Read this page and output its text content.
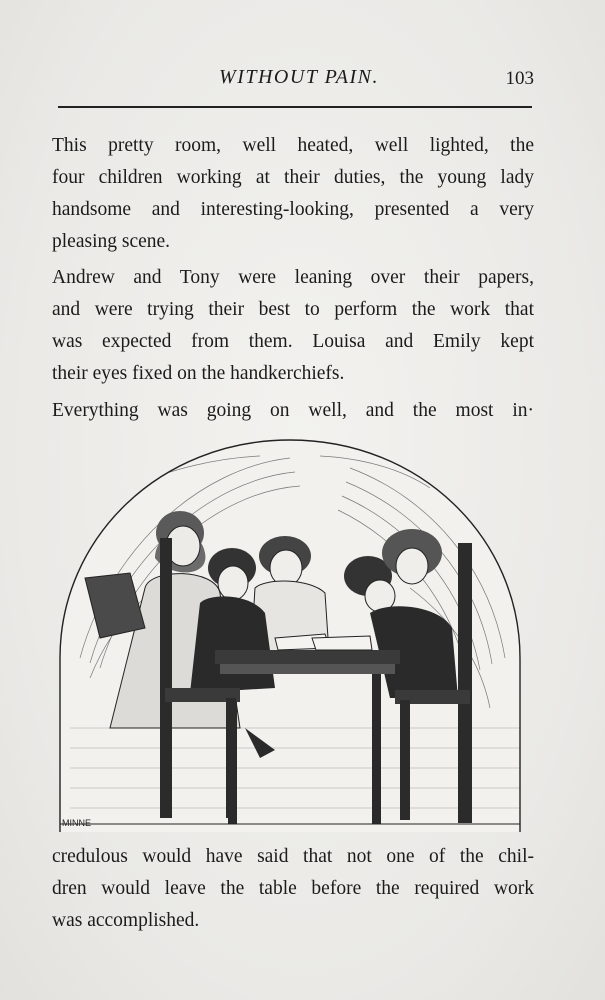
WITHOUT PAIN.	103
This pretty room, well heated, well lighted, the
four children working at their duties, the young lady
handsome and interesting-looking, presented a very
pleasing scene.
Andrew and Tony were leaning over their papers,
and were trying their best to perform the work that
was expected from them. Louisa and Emily kept
their eyes fixed on the handkerchiefs.
Everything was going on well, and the most in·
MINNE
credulous would have said that not one of the chil-
dren would leave the table before the required work
was accomplished.
